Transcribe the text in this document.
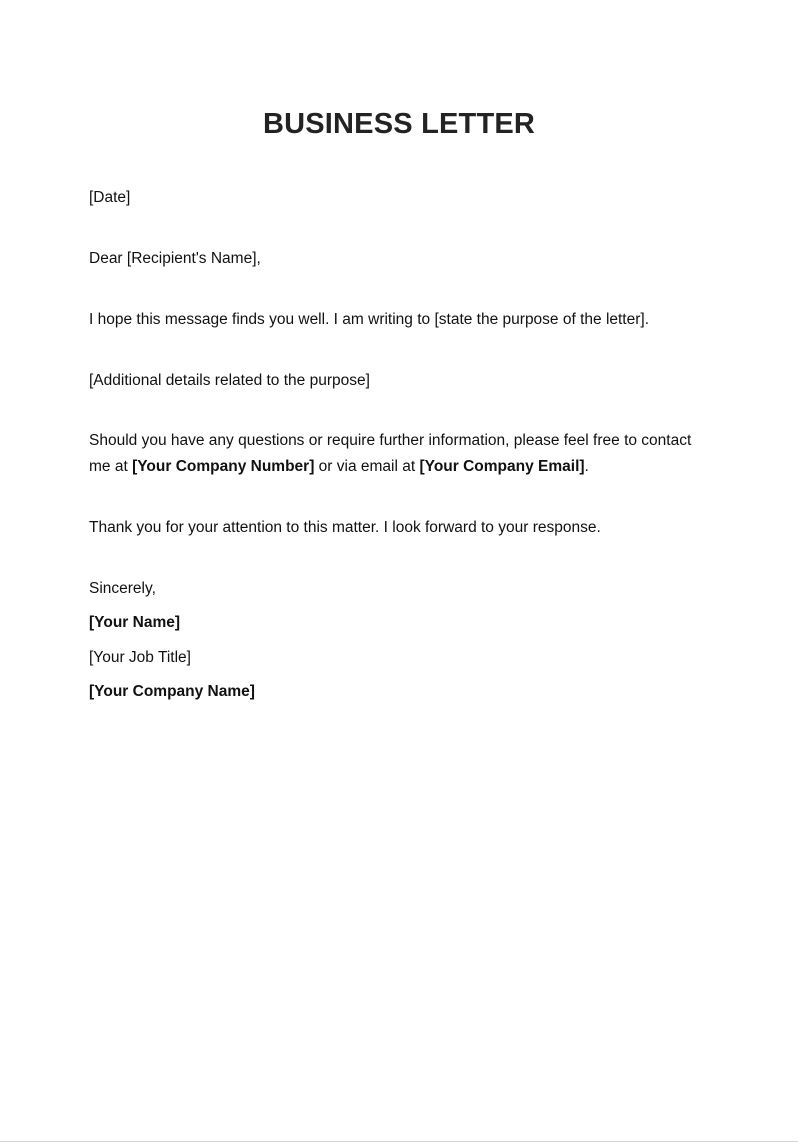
BUSINESS LETTER
[Date]
Dear [Recipient's Name],
I hope this message finds you well. I am writing to [state the purpose of the letter].
[Additional details related to the purpose]
Should you have any questions or require further information, please feel free to contact
me at [Your Company Number] or via email at [Your Company Email].
Thank you for your attention to this matter. I look forward to your response.
Sincerely,
[Your Name]
[Your Job Title]
[Your Company Name]
